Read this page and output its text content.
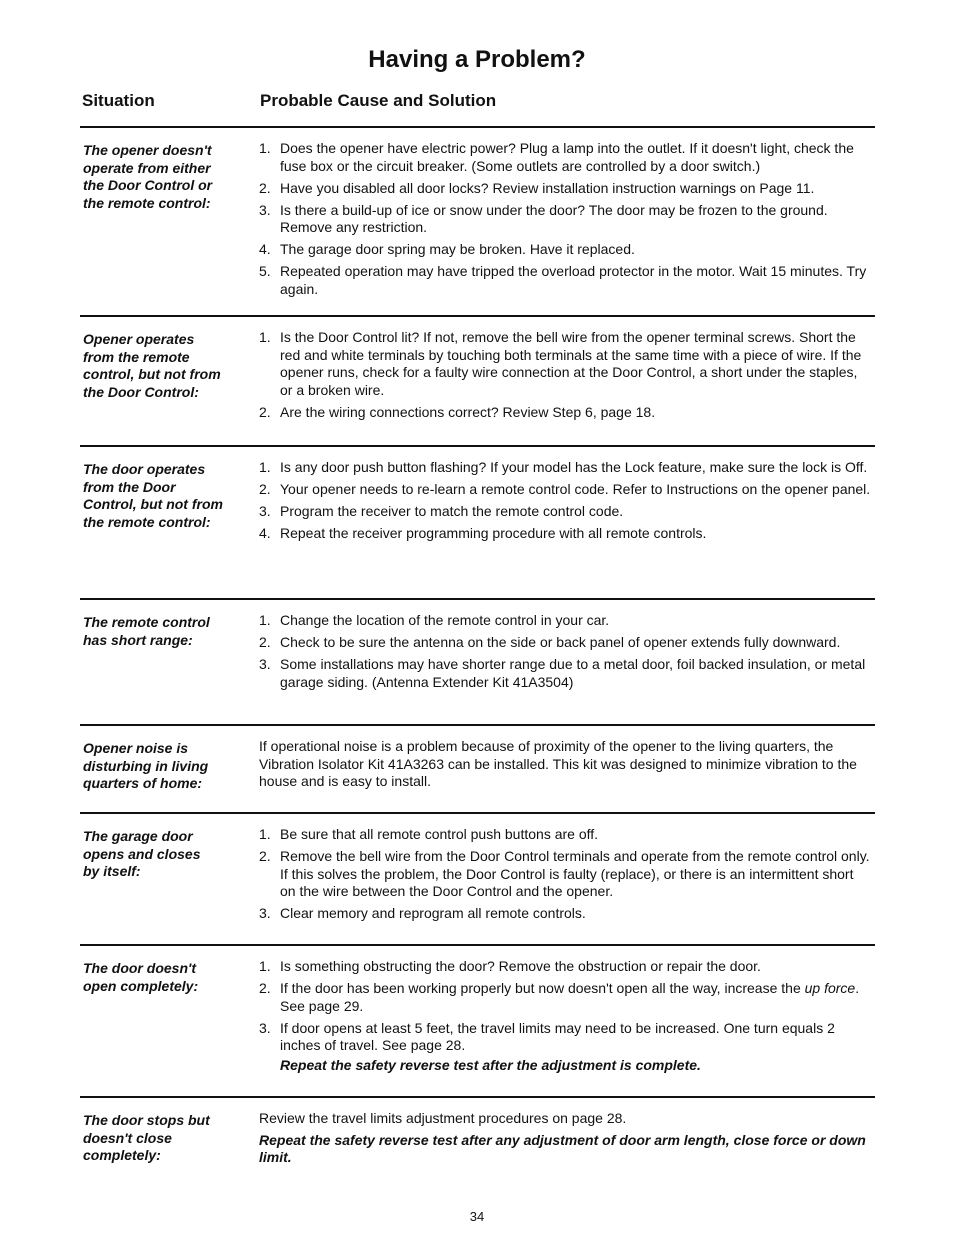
Having a Problem?
Situation	Probable Cause and Solution
The opener doesn't
operate from either
the Door Control or
the remote control:
1. Does the opener have electric power? Plug a lamp into the outlet. If it doesn't light, check the fuse box or the circuit breaker. (Some outlets are controlled by a door switch.)
2. Have you disabled all door locks? Review installation instruction warnings on Page 11.
3. Is there a build-up of ice or snow under the door? The door may be frozen to the ground. Remove any restriction.
4. The garage door spring may be broken. Have it replaced.
5. Repeated operation may have tripped the overload protector in the motor. Wait 15 minutes. Try again.
Opener operates
from the remote
control, but not from
the Door Control:
1. Is the Door Control lit? If not, remove the bell wire from the opener terminal screws. Short the red and white terminals by touching both terminals at the same time with a piece of wire. If the opener runs, check for a faulty wire connection at the Door Control, a short under the staples, or a broken wire.
2. Are the wiring connections correct? Review Step 6, page 18.
The door operates
from the Door
Control, but not from
the remote control:
1. Is any door push button flashing? If your model has the Lock feature, make sure the lock is Off.
2. Your opener needs to re-learn a remote control code. Refer to Instructions on the opener panel.
3. Program the receiver to match the remote control code.
4. Repeat the receiver programming procedure with all remote controls.
The remote control
has short range:
1. Change the location of the remote control in your car.
2. Check to be sure the antenna on the side or back panel of opener extends fully downward.
3. Some installations may have shorter range due to a metal door, foil backed insulation, or metal garage siding. (Antenna Extender Kit 41A3504)
Opener noise is
disturbing in living
quarters of home:

If operational noise is a problem because of proximity of the opener to the living quarters, the Vibration Isolator Kit 41A3263 can be installed. This kit was designed to minimize vibration to the house and is easy to install.

The garage door
opens and closes
by itself:
1. Be sure that all remote control push buttons are off.
2. Remove the bell wire from the Door Control terminals and operate from the remote control only. If this solves the problem, the Door Control is faulty (replace), or there is an intermittent short on the wire between the Door Control and the opener.
3. Clear memory and reprogram all remote controls.
The door doesn't
open completely:
1. Is something obstructing the door? Remove the obstruction or repair the door.
2. If the door has been working properly but now doesn't open all the way, increase the up force. See page 29.
3. If door opens at least 5 feet, the travel limits may need to be increased. One turn equals 2 inches of travel. See page 28.
Repeat the safety reverse test after the adjustment is complete.
The door stops but
doesn't close
completely:

Review the travel limits adjustment procedures on page 28.

Repeat the safety reverse test after any adjustment of door arm length, close force or down limit.
34
